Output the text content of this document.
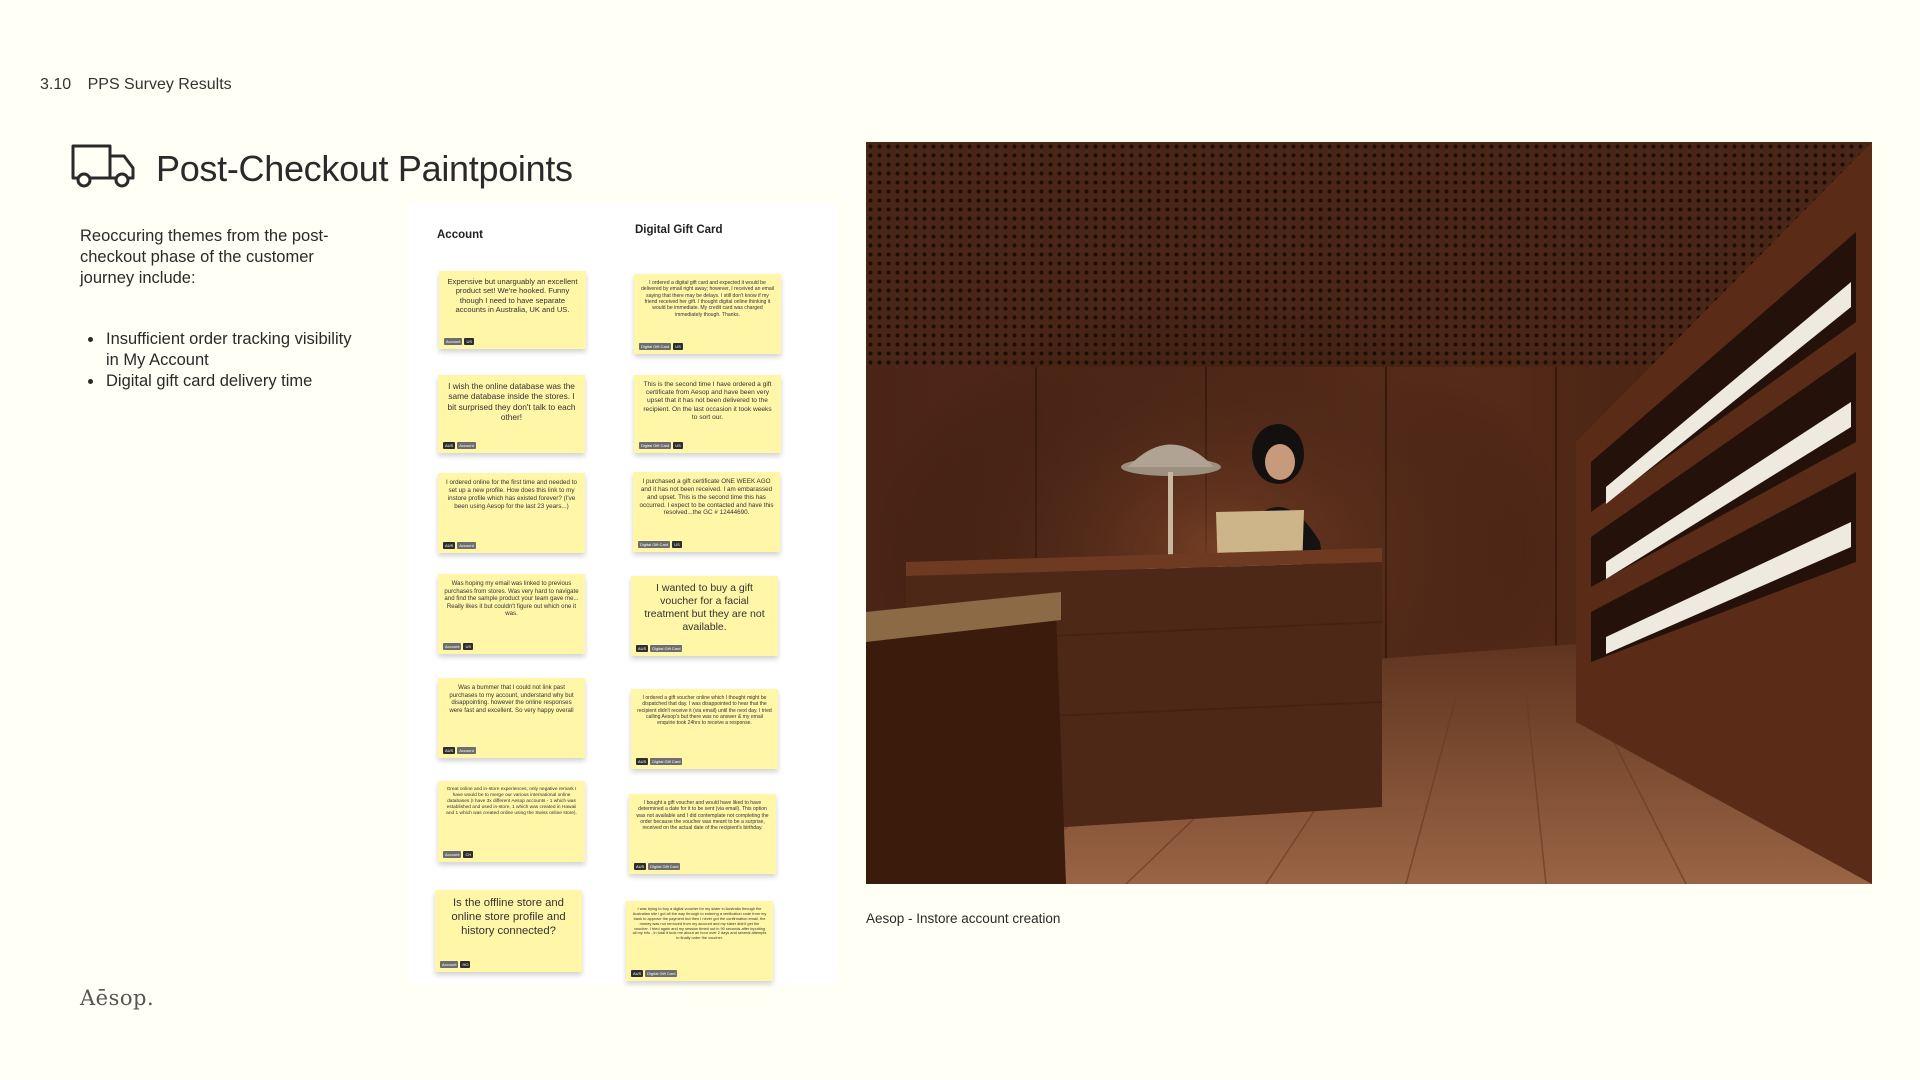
3.10 PPS Survey Results
Post-Checkout Paintpoints
Reoccuring themes from the post-checkout phase of the customer journey include:
• Insufficient order tracking visibility in My Account
• Digital gift card delivery time
Account	Digital Gift Card
Expensive but unarguably an excellent product set! We're hooked. Funny though I need to have separate accounts in Australia, UK and US.
Account	US
I wish the online database was the same database inside the stores. I bit surprised they don't talk to each other!
AUS	Account
I ordered online for the first time and needed to set up a new profile. How does this link to my instore profile which has existed forever? (I've been using Aesop for the last 23 years...)
AUS	Account
Was hoping my email was linked to previous purchases from stores. Was very hard to navigate and find the sample product your team gave me... Really likes it but couldn't figure out which one it was.
Account	US
Was a bummer that I could not link past purchases to my account, understand why but disappointing. however the online responses were fast and excellent. So very happy overall
AUS	Account
Great online and in-store experiences, only negative remark I have would be to merge our various international online databases (I have 3x different Aesop accounts - 1 which was established and used in-store, 1 which was created in Hawaii and 1 which was created online using the Swiss online store).
Account	CH
Is the offline store and online store profile and history connected?
Account	HO
I ordered a digital gift card and expected it would be delivered by email right away; however, I received an email saying that there may be delays. I still don't know if my friend received her gift. I thought digital online thinking it would be immediate. My credit card was charged immediately though. Thanks.
Digital Gift Card	US
This is the second time I have ordered a gift certificate from Aesop and have been very upset that it has not been delivered to the recipient. On the last occasion it took weeks to sort our.
Digital Gift Card	US
I purchased a gift certificate ONE WEEK AGO and it has not been received. I am embarassed and upset. This is the second time this has occurred. I expect to be contacted and have this resolved...the GC # 12444690.
Digital Gift Card	US
I wanted to buy a gift voucher for a facial treatment but they are not available.
AUS	Digital Gift Card
I ordered a gift voucher online which I thought might be dispatched that day. I was disappointed to hear that the recipient didn't receive it (via email) until the next day. I tried calling Aesop's but there was no answer & my email enquirie took 24hrs to receive a response.
AUS	Digital Gift Card
I bought a gift voucher and would have liked to have determined a date for it to be sent (via email). This option was not available and I did contemplate not completing the order because the voucher was meant to be a surprise, received on the actual date of the recipient's birthday.
AUS	Digital Gift Card
I was trying to buy a digital voucher for my sister in Australia through the Australian site i got all the way through to entering a verification code from my bank to approve the payment but then I never got the confirmation email, the money was not removed from my account and my sister didn't get the voucher. I tried again and my session timed out in 90 seconds after inputting all my info - in total it took me about an hour over 2 days and several attempts to finally order the voucher.
AUS	Digital Gift Card
Aesop - Instore account creation
Aēsop.
